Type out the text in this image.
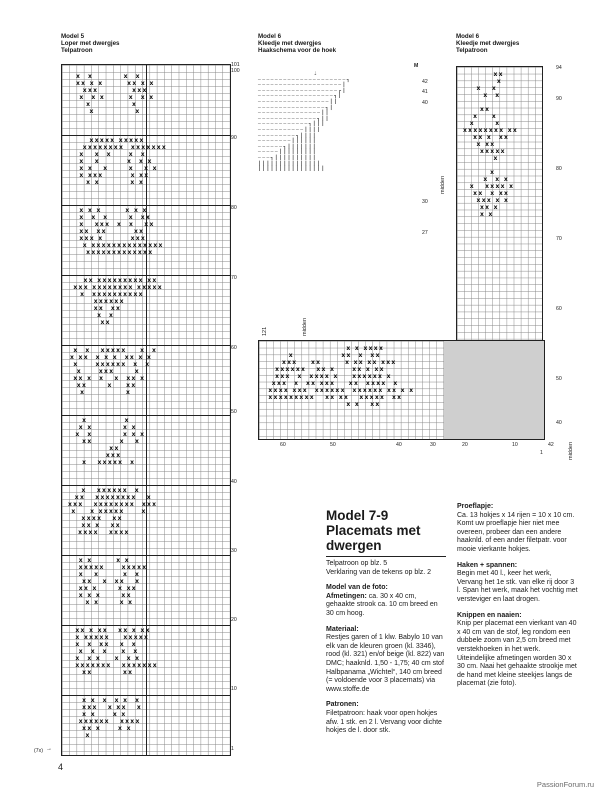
Model 5
Loper met dwergjes
Telpatroon
Model 6
Kleedje met dwergjes
Haakschema voor de hoek
Model 6
Kleedje met dwergjes
Telpatroon
x  x         x  x
xx x x       xx x x
xxx          xxx
x  x x       x  x x
x            x
x            x
xxxxx xxxxx
xxxxxxxx  xxxxxxx
x   x  x     x  x
x   x        x  x x
x x   x      x   x x
x xxx        x xx
x x         x x
x x x       x x x
x  x  x      x  xx
x   xxx  x  x   xx
xx  xx        xx
xxx x        xxx
x xxxxxxxxxxxxxx
xxxxxxxxxxxxx
xx xxxxxxxxx xx
xxx xxxxxxxx xxxxx
x  xxxxxxxxxx
xxxxxx
xx  xx
x  x
xx
x  x   xxxxx    x  x
x xx  x x x  xx x x
x     xxxxxx  x  x
x     xxx      x
xx x  x   x  xx x
xx      x    xx
x            x
x           x
x x         x x
x  x         x x x
xx        x   x
xx
xxx
x   xxxxx  x
x   xxxxxx  x
xx   xxxxxxxx   x
xxx   xxxxxxxx  xxx
x    x xxxxx     x
xxxx   xx
xx x   xx
xxxx   xxxx
x x       x x
xxxxx     xxxxx
x   x       x  x
xx   x  xx   x
xx x      x xx
x x x      xx
x x      x x
xx x xx   xx x xx
x xxxxx    xxxxx
x  x  xx   x  x
x  x  x    x  x
x  x x    x  x x
xxxxxxx   xxxxxxx
xx         xx
x x  x  x x  x
xxx   x xx   x
x x     x x
xxxxxx   xxxx
xx x     x x
x
101
100
90
80
70
60
50
40
30
20
10
1
(7x) →
⇣
─ ─ ─ ─ ─ ─ ─ ─ ─ ─ ─ ─ ─ ─ ─ ─ ─ ─ ─ ─ ─ ┓
─ ─ ─ ─ ─ ─ ─ ─ ─ ─ ─ ─ ─ ─ ─ ─ ─ ─ ─ ─ ┃
─ ─ ─ ─ ─ ─ ─ ─ ─ ─ ─ ─ ─ ─ ─ ─ ─ ─ ─ ┏ ┃
─ ─ ─ ─ ─ ─ ─ ─ ─ ─ ─ ─ ─ ─ ─ ─ ─ ─ ┓ ┃
─ ─ ─ ─ ─ ─ ─ ─ ─ ─ ─ ─ ─ ─ ─ ─ ─ ┃ ┃
─ ─ ─ ─ ─ ─ ─ ─ ─ ─ ─ ─ ─ ─ ─ ─ ┓ ┃
─ ─ ─ ─ ─ ─ ─ ─ ─ ─ ─ ─ ─ ─ ─ ┃ ┃
─ ─ ─ ─ ─ ─ ─ ─ ─ ─ ─ ─ ─ ─ ┓ ┃ ┃
─ ─ ─ ─ ─ ─ ─ ─ ─ ─ ─ ─ ┓ ┃ ┃ ┃
─ ─ ─ ─ ─ ─ ─ ─ ─ ─ ─ ┃ ┃ ┃ ┃
─ ─ ─ ─ ─ ─ ─ ─ ─ ┓ ┃ ┃ ┃ ┃
─ ─ ─ ─ ─ ─ ─ ─ ┃ ┃ ┃ ┃ ┃ ┃
─ ─ ─ ─ ─ ─ ┓ ┃ ┃ ┃ ┃ ┃ ┃ ┃
─ ─ ─ ─ ─ ┃ ┃ ┃ ┃ ┃ ┃ ┃ ┃ ┃
─ ─ ─ ┓ ┃ ┃ ┃ ┃ ┃ ┃ ┃ ┃ ┃ ┃
┃ ┃ ┃ ┃ ┃ ┃ ┃ ┃ ┃ ┃ ┃ ┃ ┃ ┃ ┃
┃ ┃ ┃ ┃ ┃ ┃ ┃ ┃ ┃ ┃ ┃ ┃ ┃ ┃ ┃ ┃
M
42
41
40
30
27
xx
x
x   x
x  x

xx
x    x
x      x
xxxxxxxx xx
xx x  xx
x xx
xxxxx
x

x
x  x x
x   xxxx x
xx  x xx
xxx x x
xx x
x x
94
90
80
70
60
50
40
42
midden
midden
x x xxxx
x              xx  x  xx
xxx    xx       x xx xx xxx
xxxxxx   xx x     xx x xx
xxx  x  xxxx x    xxxxxx x
xxx  x  xx xxx    xx  xxxx  x
xxxx xxx  xxxxxx  xxxxxx xx x x
xxxxxxxxx   xx xx   xxxxx  xx
x x   xx
midden
121
1
10
20
30
40
50
60
Model 7-9
Placemats met dwergen

Telpatroon op blz. 5
Verklaring van de tekens op blz. 2

Model van de foto:

Afmetingen: ca. 30 x 40 cm, gehaakte strook ca. 10 cm breed en 30 cm hoog.

Materiaal:

Restjes garen of 1 klw. Babylo 10 van elk van de kleuren groen (kl. 3346), rood (kl. 321) en/of beige (kl. 822) van DMC; haaknld. 1,50 - 1,75; 40 cm stof Halbpanama „Wichtel“, 140 cm breed (= voldoende voor 3 placemats) via www.stoffe.de

Patronen:

Filetpatroon: haak voor open hokjes afw. 1 stk. en 2 l. Vervang voor dichte hokjes de l. door stk.

Proeflapje:

Ca. 13 hokjes x 14 rijen = 10 x 10 cm. Komt uw proeflapje hier niet mee overeen, probeer dan een andere haaknld. of een ander filetpatr. voor mooie vierkante hokjes.

Haken + spannen:

Begin met 40 l., keer het werk, Vervang het 1e stk. van elke rij door 3 l. Span het werk, maak het vochtig met versteviger en laat drogen.

Knippen en naaien:

Knip per placemat een vierkant van 40 x 40 cm van de stof, leg rondom een dubbele zoom van 2,5 cm breed met verstekhoeken in het werk. Uiteindelijke afmetingen worden 30 x 30 cm. Naai het gehaakte strookje met de hand met kleine steekjes langs de placemat (zie foto).

4
PassionForum.ru
